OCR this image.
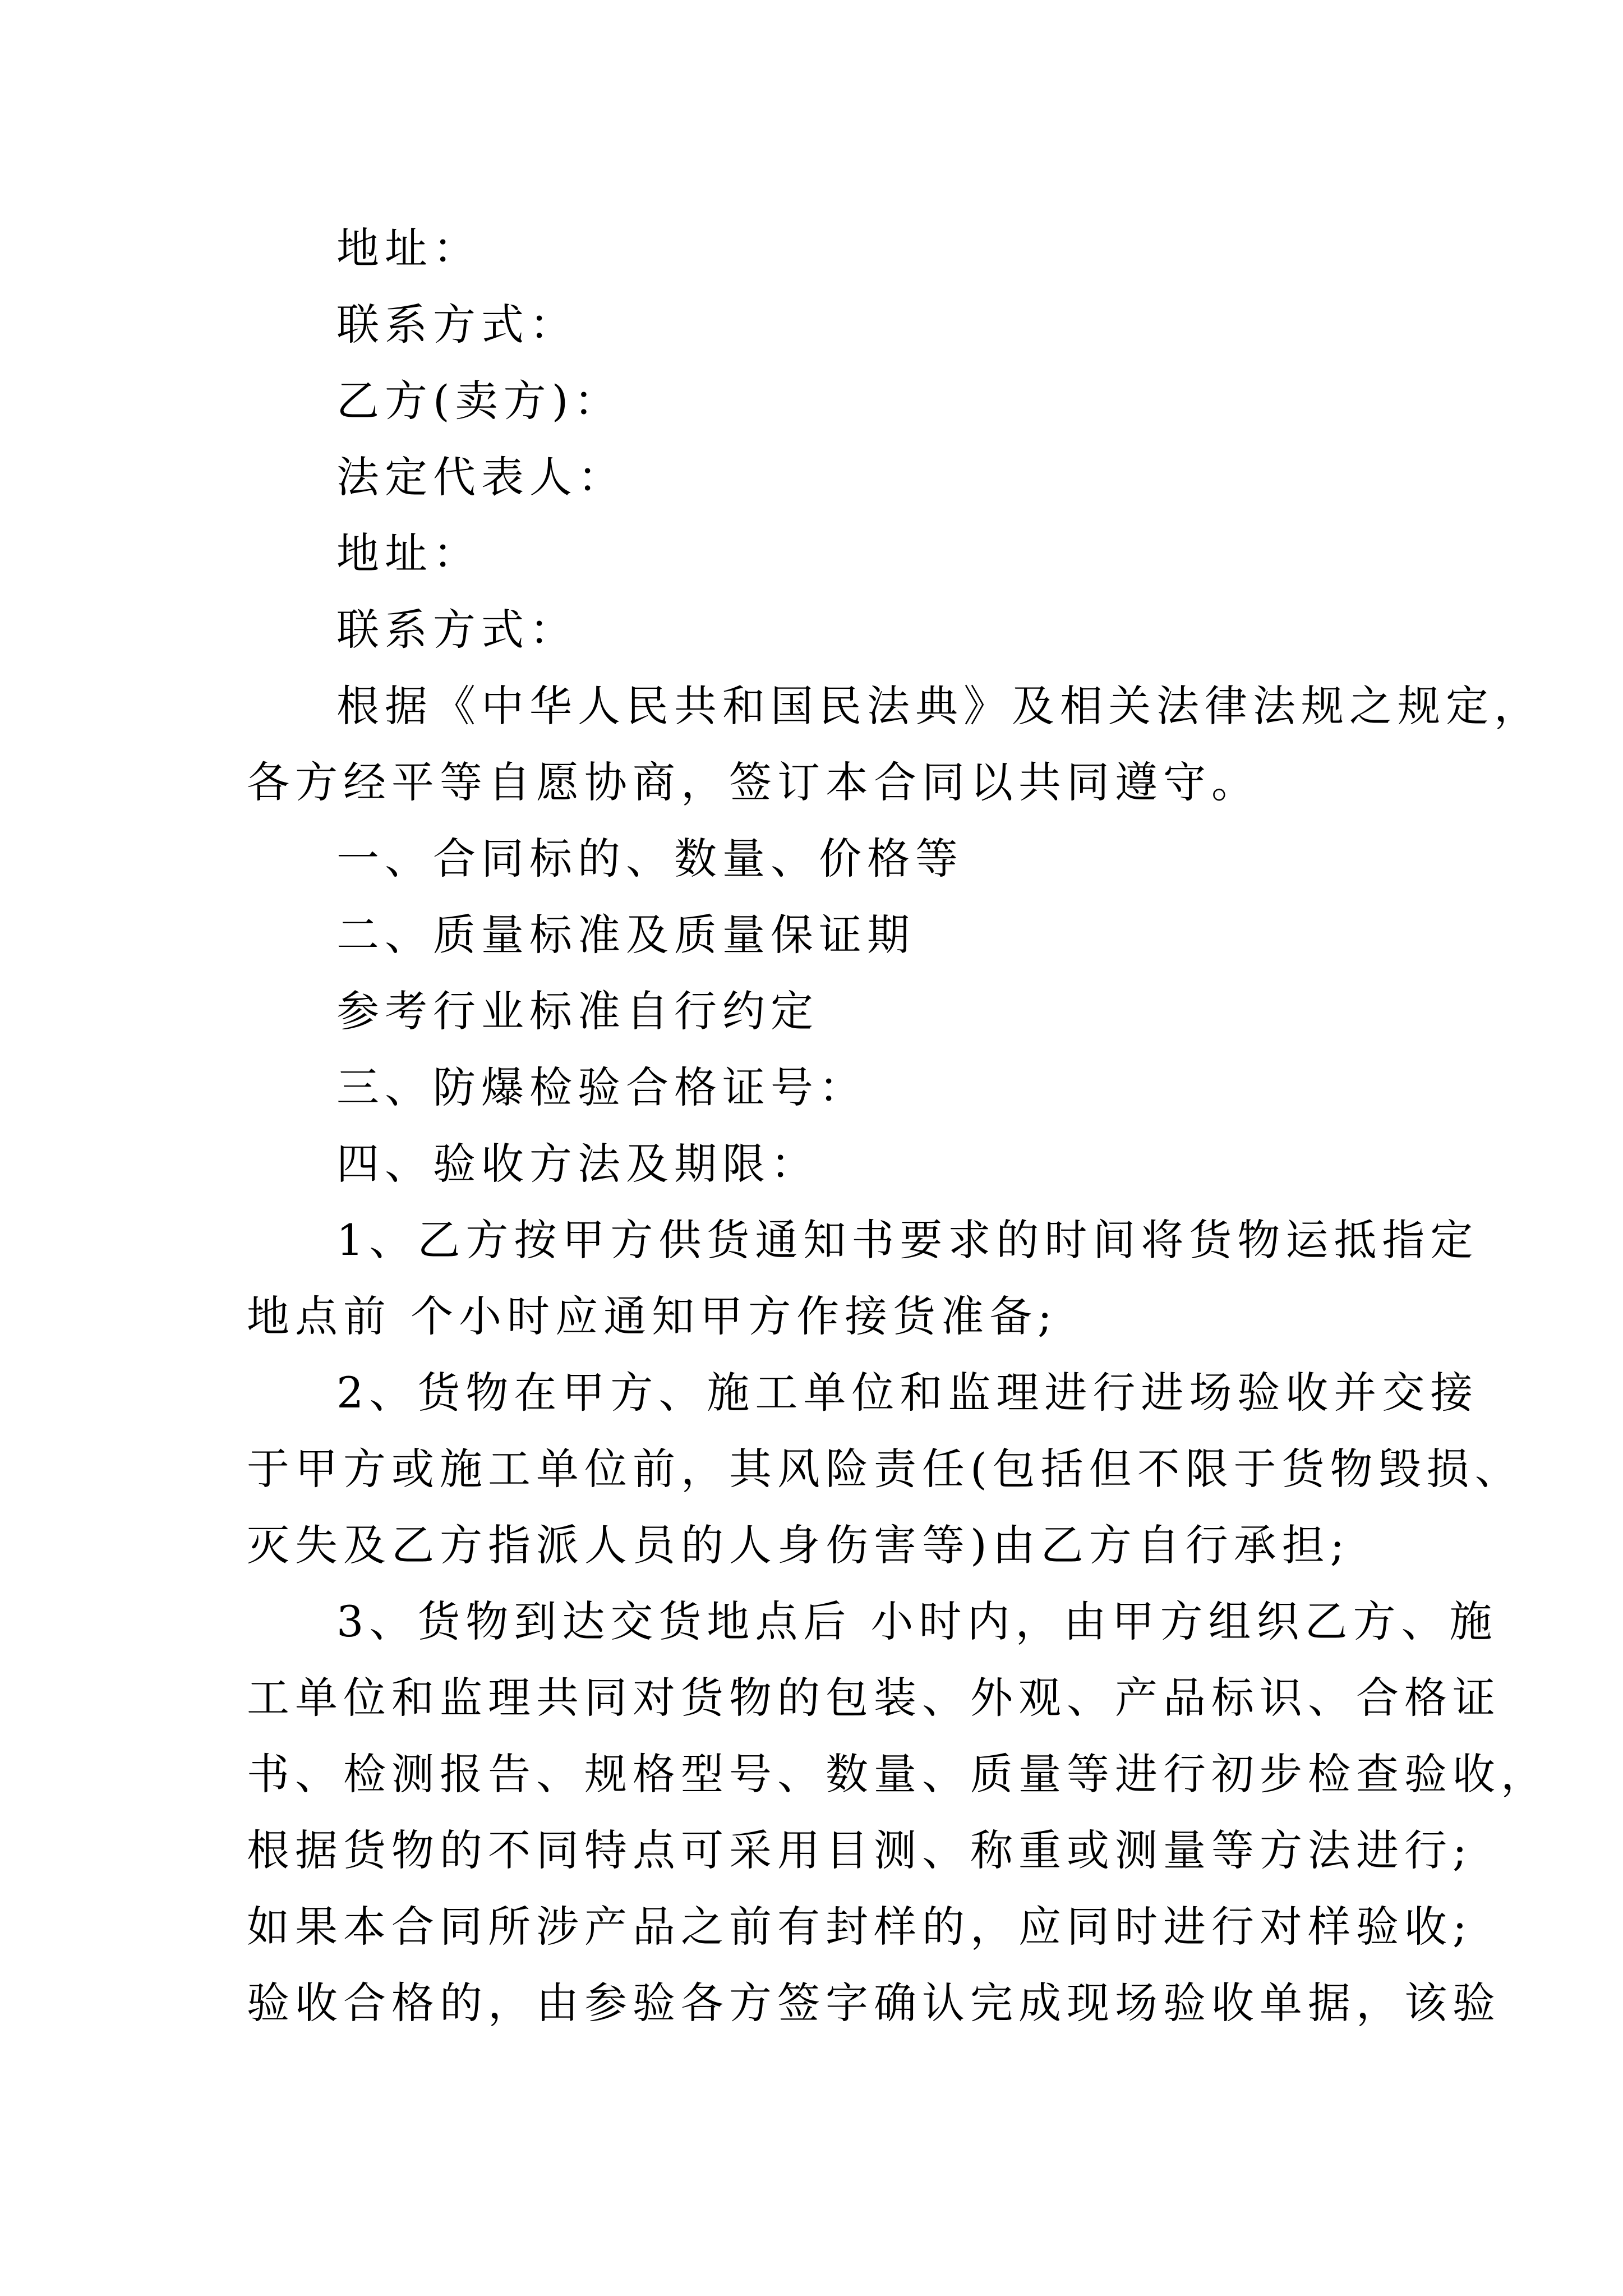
地址：
联系方式：
乙方(卖方)：
法定代表人：
地址：
联系方式：
根据《中华人民共和国民法典》及相关法律法规之规定，
各方经平等自愿协商，签订本合同以共同遵守。
一、合同标的、数量、价格等
二、质量标准及质量保证期
参考行业标准自行约定
三、防爆检验合格证号：
四、验收方法及期限：
1、乙方按甲方供货通知书要求的时间将货物运抵指定
地点前 个小时应通知甲方作接货准备;
2、货物在甲方、施工单位和监理进行进场验收并交接
于甲方或施工单位前，其风险责任(包括但不限于货物毁损、
灭失及乙方指派人员的人身伤害等)由乙方自行承担;
3、货物到达交货地点后 小时内，由甲方组织乙方、施
工单位和监理共同对货物的包装、外观、产品标识、合格证
书、检测报告、规格型号、数量、质量等进行初步检查验收，
根据货物的不同特点可采用目测、称重或测量等方法进行;
如果本合同所涉产品之前有封样的，应同时进行对样验收;
验收合格的，由参验各方签字确认完成现场验收单据，该验
